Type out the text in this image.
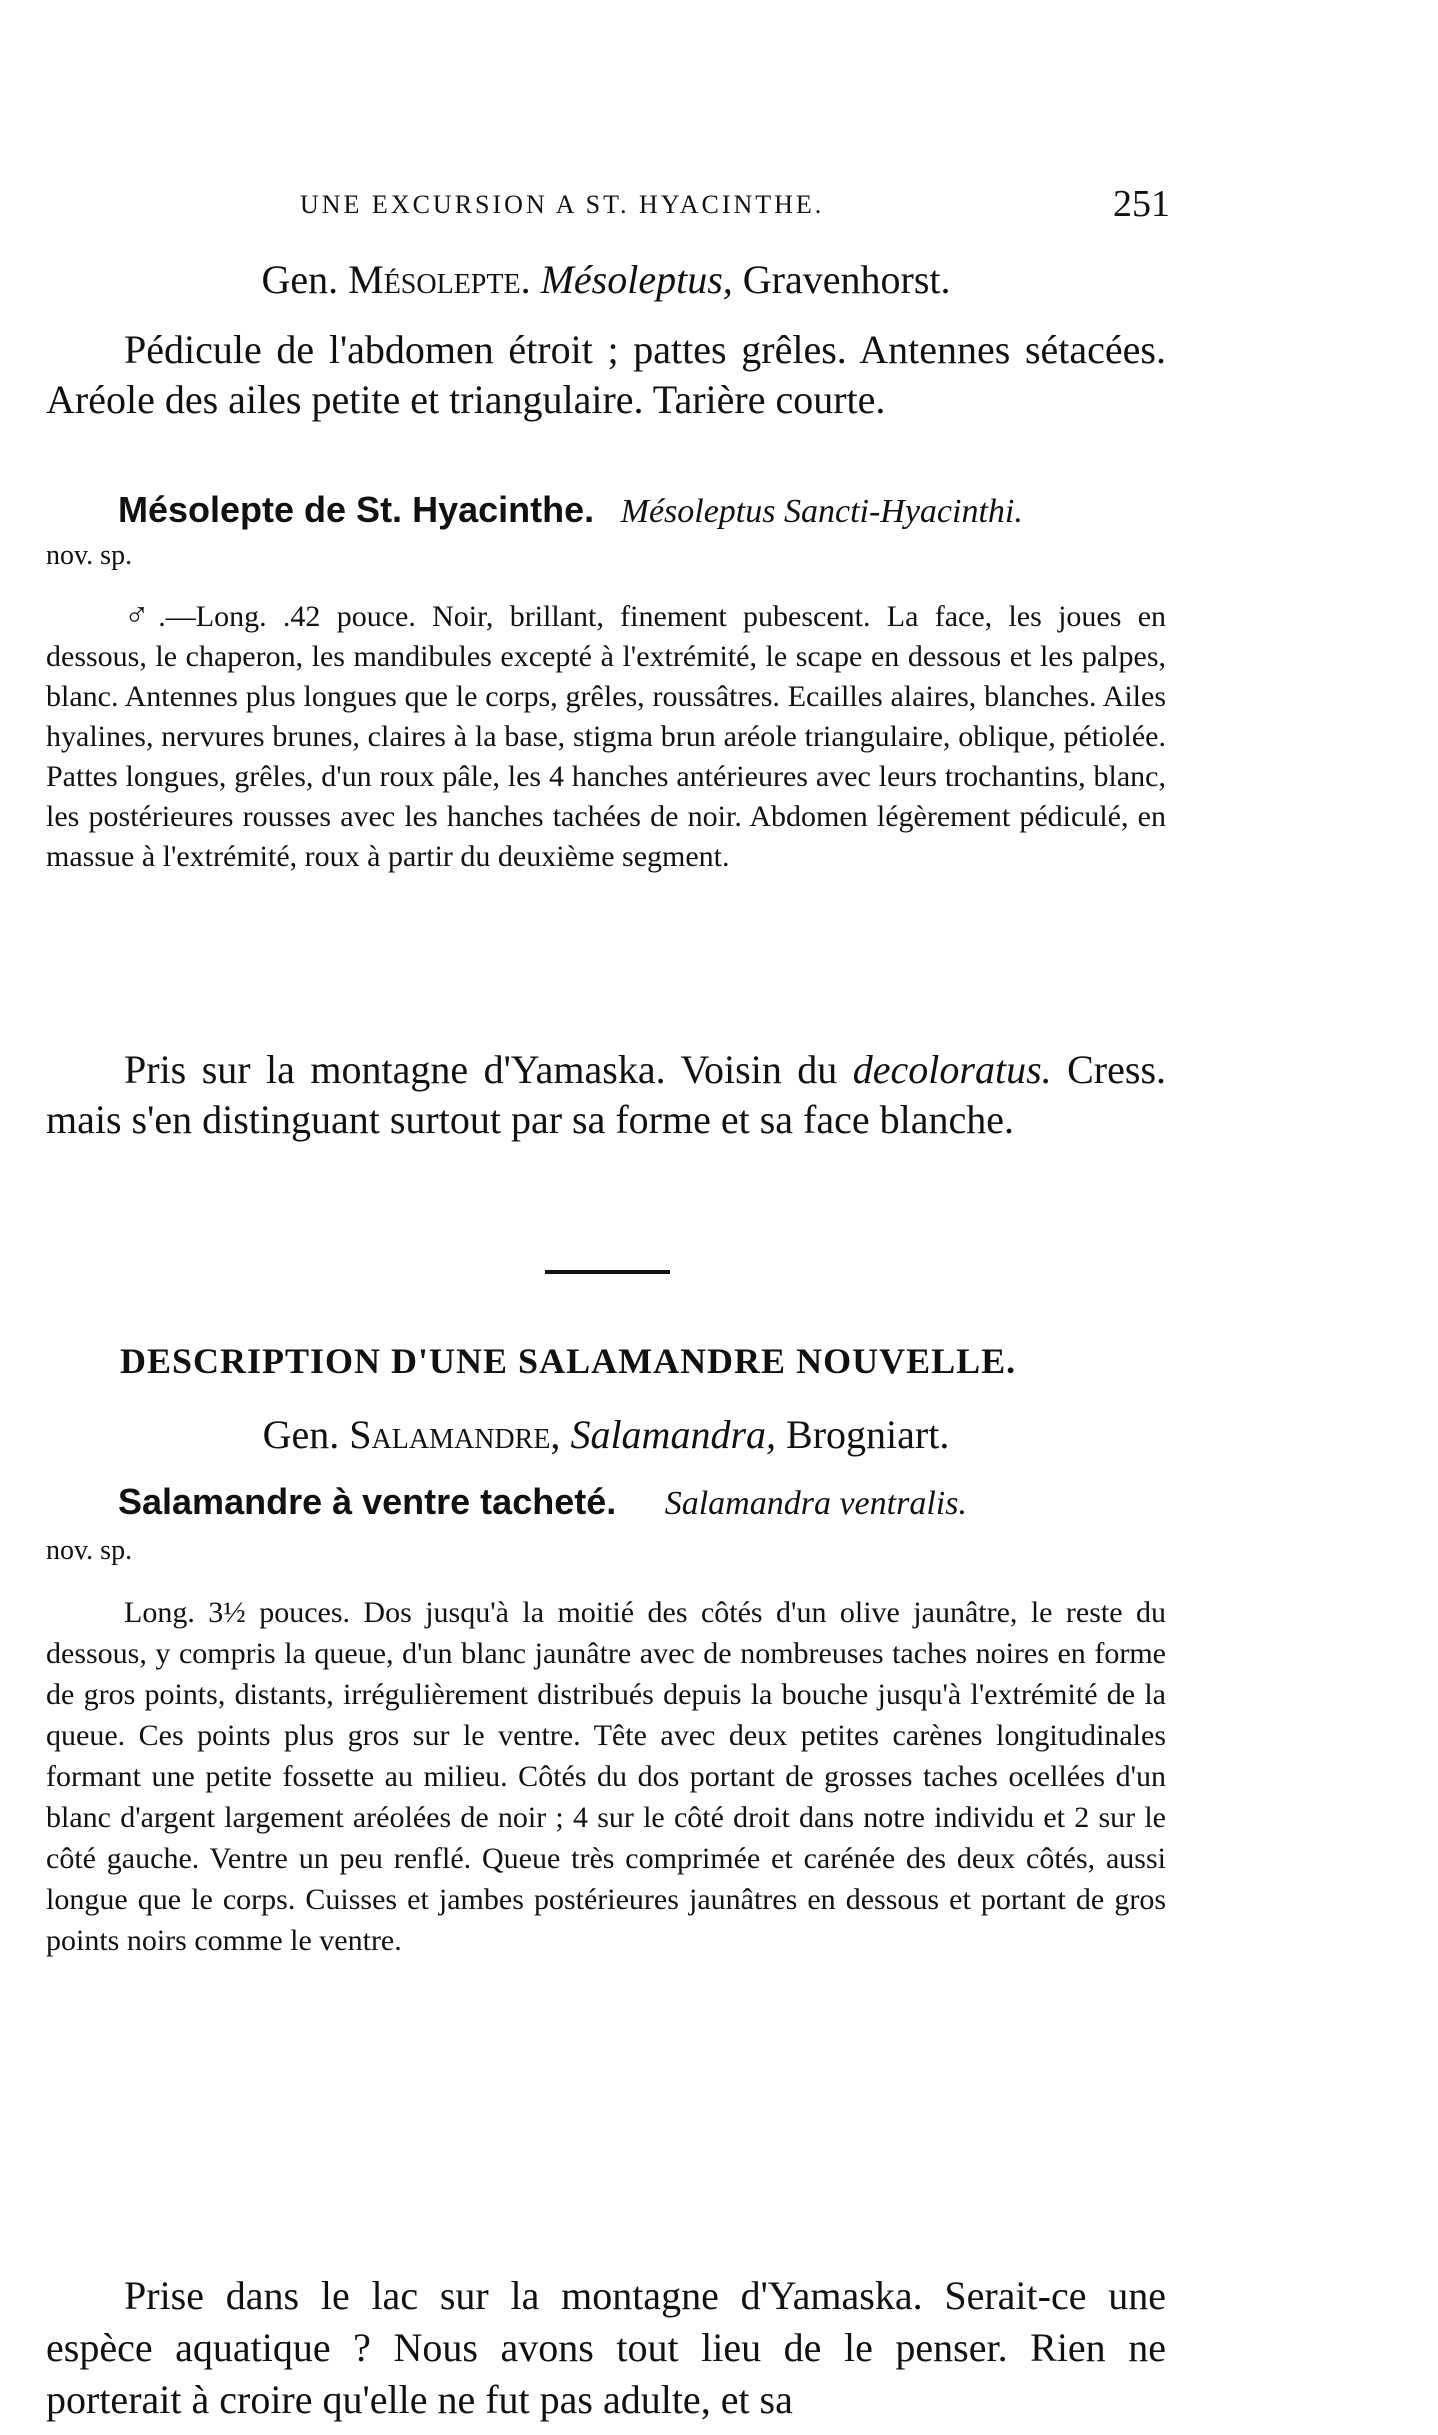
UNE EXCURSION A ST. HYACINTHE.	251
Gen. Mésolepte. Mésoleptus, Gravenhorst.
Pédicule de l'abdomen étroit ; pattes grêles. Antennes sétacées. Aréole des ailes petite et triangulaire. Tarière courte.
Mésolepte de St. Hyacinthe. Mésoleptus Sancti-Hyacinthi.
nov. sp.
♂.—Long. .42 pouce. Noir, brillant, finement pubescent. La face, les joues en dessous, le chaperon, les mandibules excepté à l'extrémité, le scape en dessous et les palpes, blanc. Antennes plus longues que le corps, grêles, roussâtres. Ecailles alaires, blanches. Ailes hyalines, nervures brunes, claires à la base, stigma brun aréole triangulaire, oblique, pétiolée. Pattes longues, grêles, d'un roux pâle, les 4 hanches antérieures avec leurs trochantins, blanc, les postérieures rousses avec les hanches tachées de noir. Abdomen légèrement pédiculé, en massue à l'extrémité, roux à partir du deuxième segment.
Pris sur la montagne d'Yamaska. Voisin du decoloratus. Cress. mais s'en distinguant surtout par sa forme et sa face blanche.
DESCRIPTION D'UNE SALAMANDRE NOUVELLE.
Gen. Salamandre, Salamandra, Brogniart.
Salamandre à ventre tacheté. Salamandra ventralis.
nov. sp.
Long. 3½ pouces. Dos jusqu'à la moitié des côtés d'un olive jaunâtre, le reste du dessous, y compris la queue, d'un blanc jaunâtre avec de nombreuses taches noires en forme de gros points, distants, irrégulièrement distribués depuis la bouche jusqu'à l'extrémité de la queue. Ces points plus gros sur le ventre. Tête avec deux petites carènes longitudinales formant une petite fossette au milieu. Côtés du dos portant de grosses taches ocellées d'un blanc d'argent largement aréolées de noir ; 4 sur le côté droit dans notre individu et 2 sur le côté gauche. Ventre un peu renflé. Queue très comprimée et carénée des deux côtés, aussi longue que le corps. Cuisses et jambes postérieures jaunâtres en dessous et portant de gros points noirs comme le ventre.
Prise dans le lac sur la montagne d'Yamaska. Serait-ce une espèce aquatique ? Nous avons tout lieu de le penser. Rien ne porterait à croire qu'elle ne fut pas adulte, et sa
